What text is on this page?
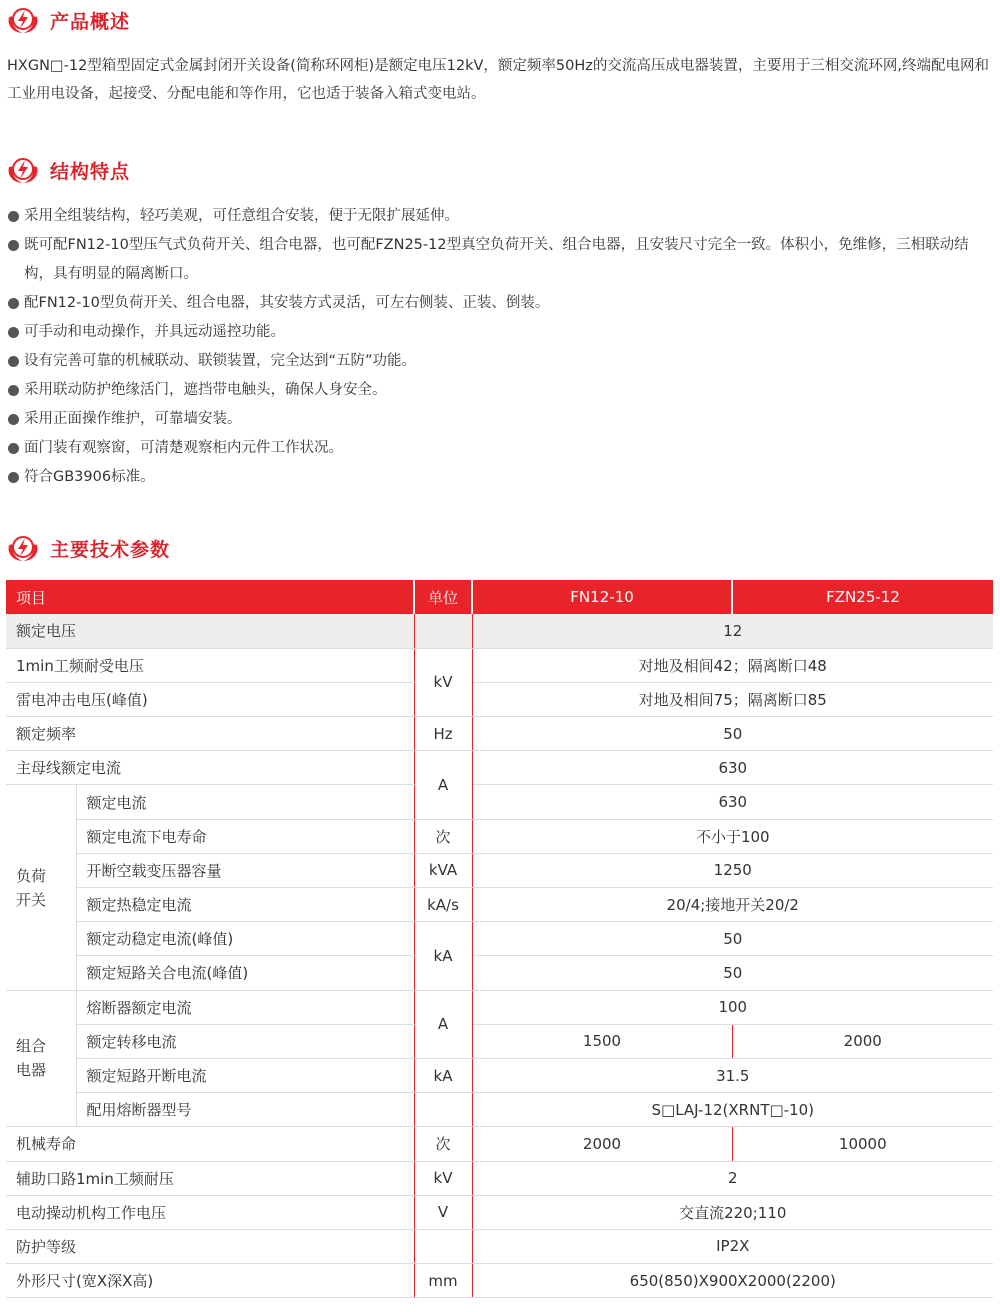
产品概述

HXGN□-12型箱型固定式金属封闭开关设备(简称环网柜)是额定电压12kV，额定频率50Hz的交流高压成电器装置，主要用于三相交流环网,终端配电网和工业用电设备，起接受、分配电能和等作用，它也适于装备入箱式变电站。

结构特点
采用全组装结构，轻巧美观，可任意组合安装，便于无限扩展延伸。
既可配FN12-10型压气式负荷开关、组合电器，也可配FZN25-12型真空负荷开关、组合电器，且安装尺寸完全一致。体积小，免维修，三相联动结构，具有明显的隔离断口。
配FN12-10型负荷开关、组合电器，其安装方式灵活，可左右侧装、正装、倒装。
可手动和电动操作，并具远动遥控功能。
设有完善可靠的机械联动、联锁装置，完全达到“五防”功能。
采用联动防护绝缘活门，遮挡带电触头，确保人身安全。
采用正面操作维护，可靠墙安装。
面门装有观察窗，可清楚观察柜内元件工作状况。
符合GB3906标准。
主要技术参数
项目		单位	FN12-10	FZN25-12
额定电压			12	
1min工频耐受电压		kV	对地及相间42；隔离断口48	
雷电冲击电压(峰值)			对地及相间75；隔离断口85	
额定频率		Hz	50	
主母线额定电流		A	630	
负荷
开关	额定电流		630	
	额定电流下电寿命	次	不小于100	
	开断空载变压器容量	kVA	1250	
	额定热稳定电流	kA/s	20/4;接地开关20/2	
	额定动稳定电流(峰值)	kA	50	
	额定短路关合电流(峰值)		50	
组合
电器	熔断器额定电流	A	100	
	额定转移电流		1500	2000
	额定短路开断电流	kA	31.5	
	配用熔断器型号		S□LAJ-12(XRNT□-10)	
机械寿命		次	2000	10000
辅助口路1min工频耐压		kV	2	
电动操动机构工作电压		V	交直流220;110	
防护等级			IP2X	
外形尺寸(宽X深X高)		mm	650(850)X900X2000(2200)	
